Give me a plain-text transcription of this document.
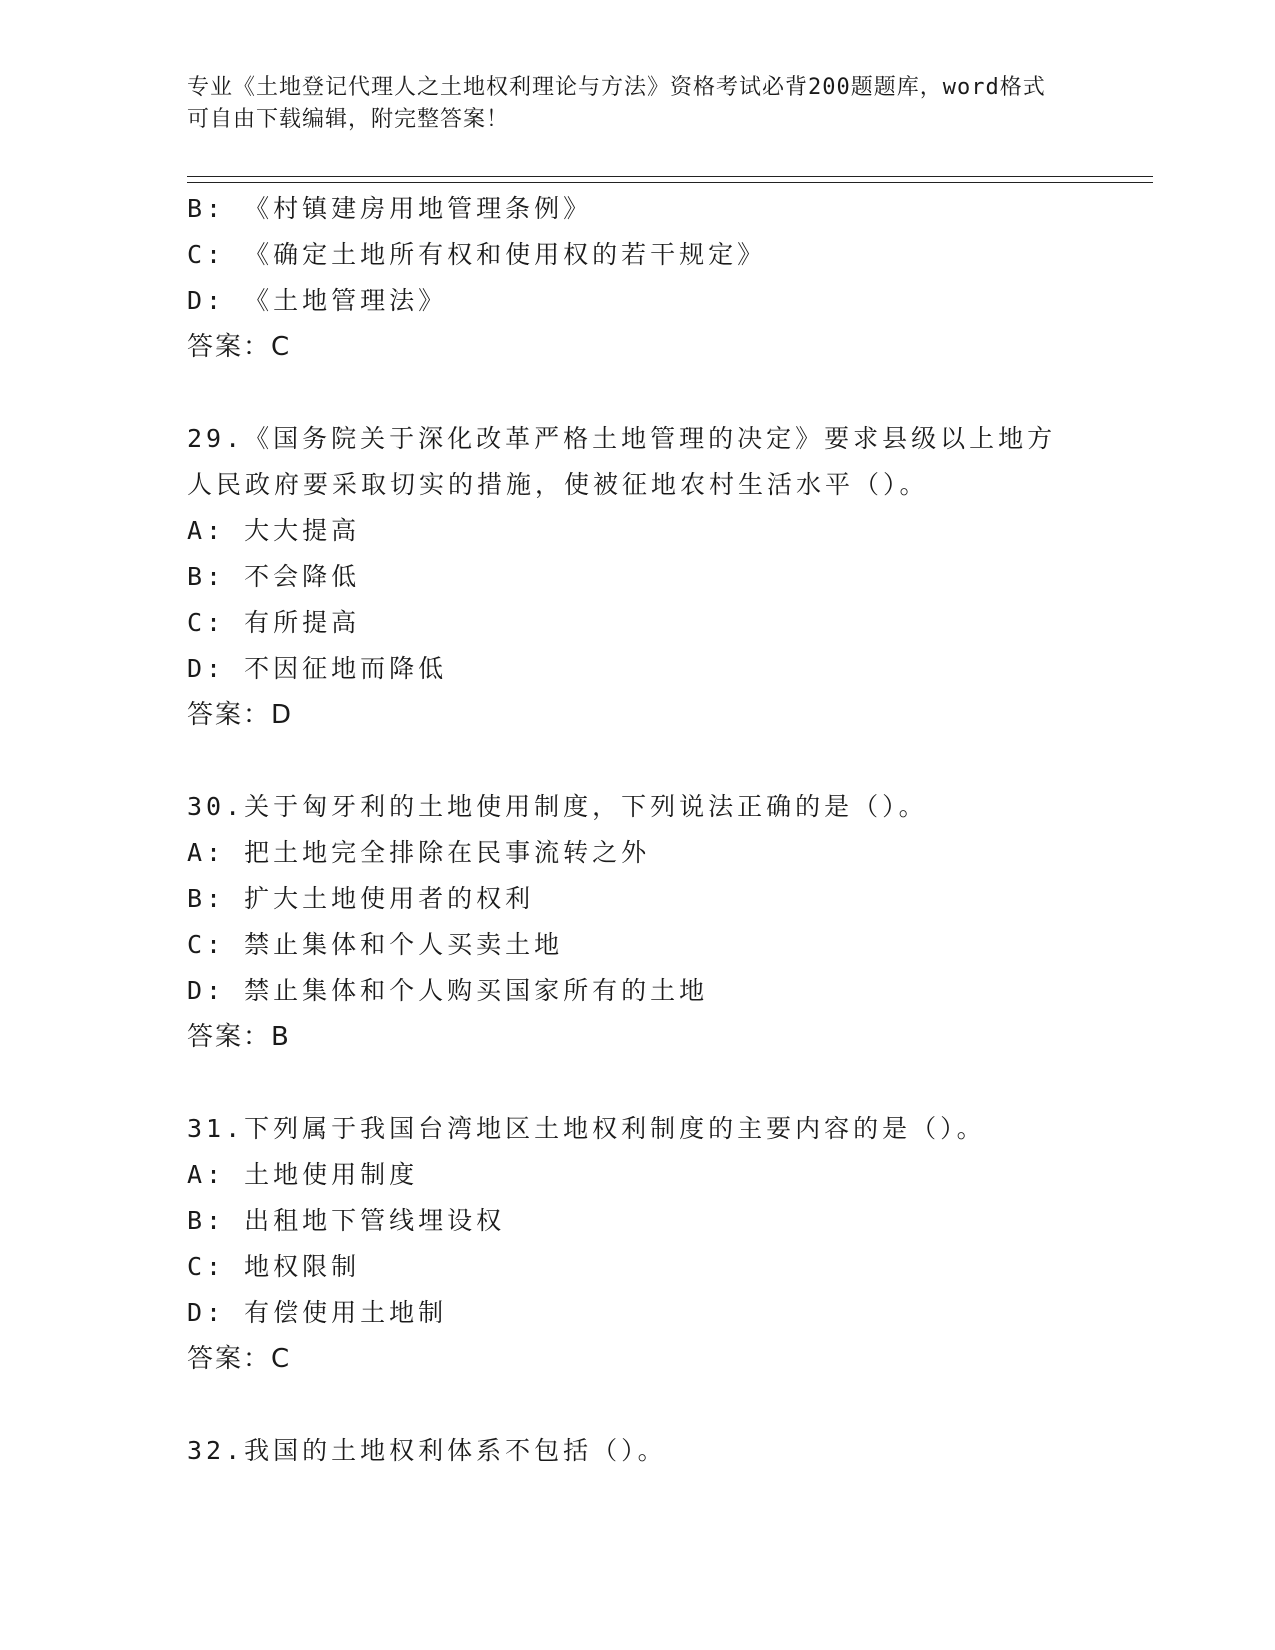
专业《土地登记代理人之土地权利理论与方法》资格考试必背200题题库，word格式可自由下载编辑，附完整答案！
B: 《村镇建房用地管理条例》
C: 《确定土地所有权和使用权的若干规定》
D: 《土地管理法》
答案：C
29.《国务院关于深化改革严格土地管理的决定》要求县级以上地方人民政府要采取切实的措施，使被征地农村生活水平（）。
A: 大大提高
B: 不会降低
C: 有所提高
D: 不因征地而降低
答案：D
30.关于匈牙利的土地使用制度，下列说法正确的是（）。
A: 把土地完全排除在民事流转之外
B: 扩大土地使用者的权利
C: 禁止集体和个人买卖土地
D: 禁止集体和个人购买国家所有的土地
答案：B
31.下列属于我国台湾地区土地权利制度的主要内容的是（）。
A: 土地使用制度
B: 出租地下管线埋设权
C: 地权限制
D: 有偿使用土地制
答案：C
32.我国的土地权利体系不包括（）。
